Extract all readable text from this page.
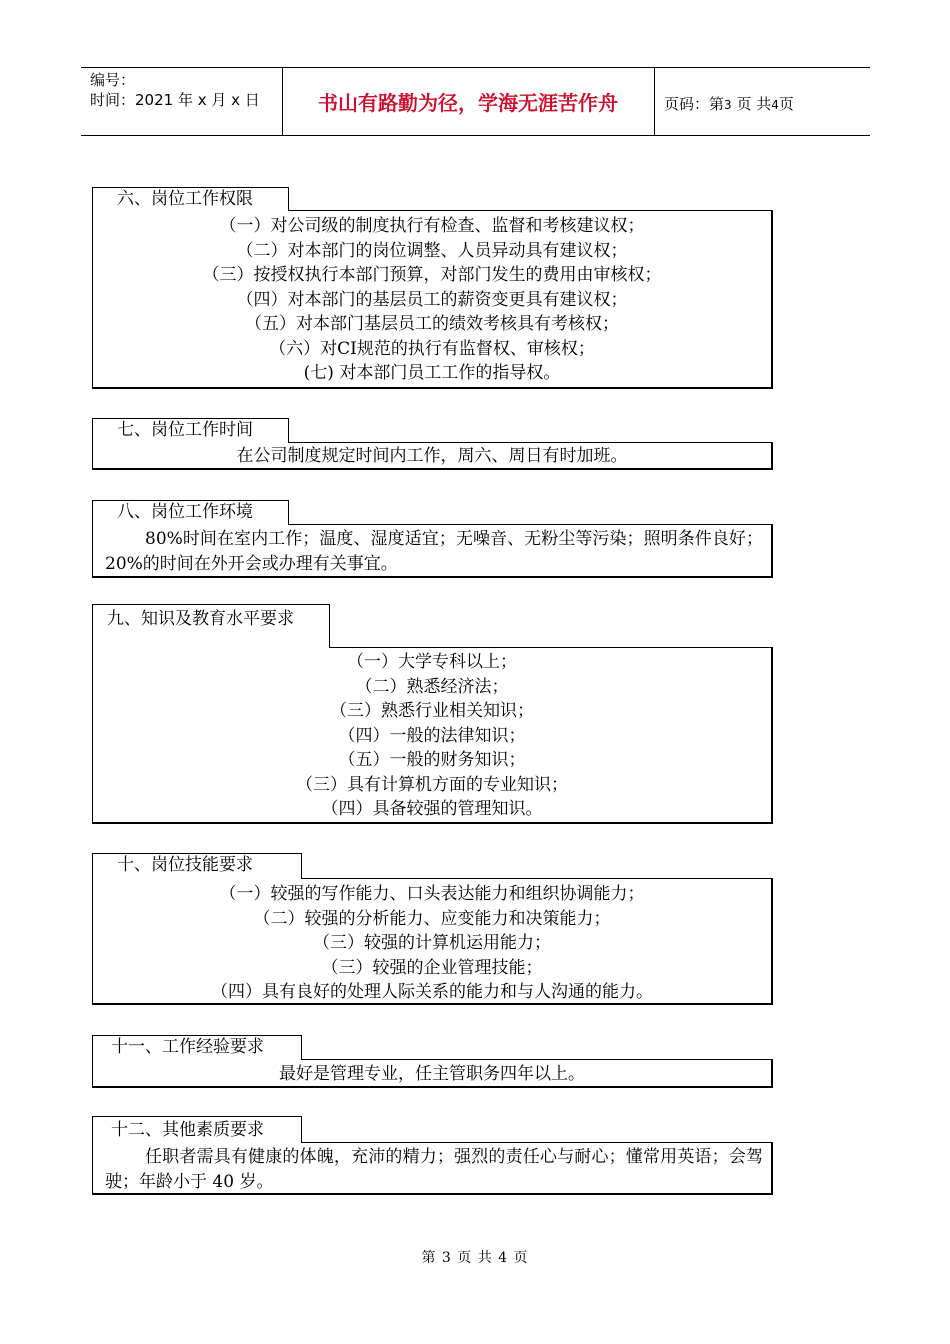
编号：
时间：2021 年 x 月 x 日	书山有路勤为径，学海无涯苦作舟	页码：第3 页 共4页
六、岗位工作权限

（一）对公司级的制度执行有检查、监督和考核建议权；

（二）对本部门的岗位调整、人员异动具有建议权；

（三）按授权执行本部门预算，对部门发生的费用由审核权；

（四）对本部门的基层员工的薪资变更具有建议权；

（五）对本部门基层员工的绩效考核具有考核权；

（六）对CI规范的执行有监督权、审核权；

(七) 对本部门员工工作的指导权。

七、岗位工作时间

在公司制度规定时间内工作，周六、周日有时加班。

八、岗位工作环境

80%时间在室内工作；温度、湿度适宜；无噪音、无粉尘等污染；照明条件良好；20%的时间在外开会或办理有关事宜。

九、知识及教育水平要求

（一）大学专科以上；

（二）熟悉经济法；

（三）熟悉行业相关知识；

（四）一般的法律知识；

（五）一般的财务知识；

（三）具有计算机方面的专业知识；

（四）具备较强的管理知识。

十、岗位技能要求

（一）较强的写作能力、口头表达能力和组织协调能力；

（二）较强的分析能力、应变能力和决策能力；

（三）较强的计算机运用能力；

（三）较强的企业管理技能；

（四）具有良好的处理人际关系的能力和与人沟通的能力。

十一、工作经验要求

最好是管理专业，任主管职务四年以上。

十二、其他素质要求

任职者需具有健康的体魄，充沛的精力；强烈的责任心与耐心；懂常用英语；会驾驶；年龄小于 40 岁。

第 3 页 共 4 页
